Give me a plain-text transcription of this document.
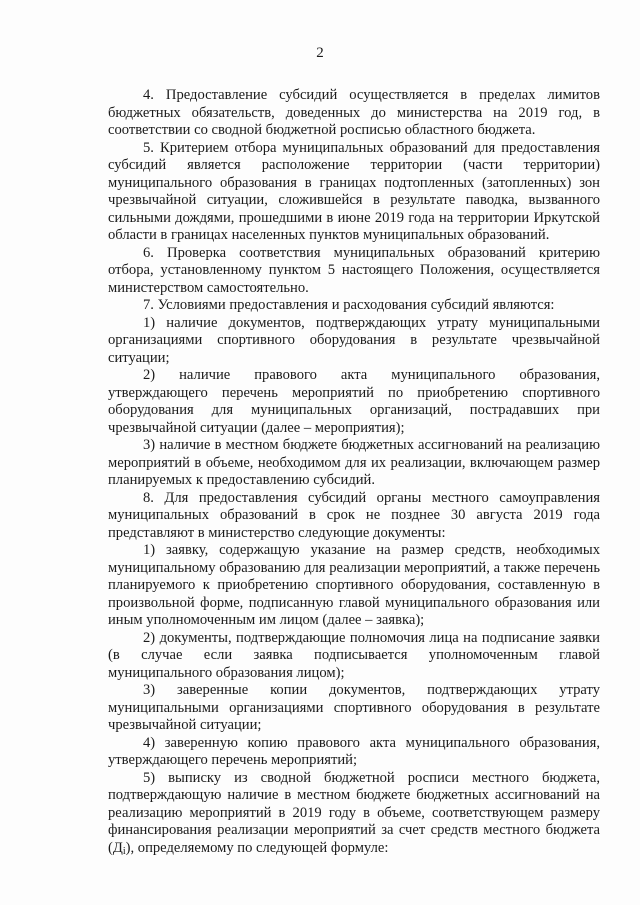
2

4. Предоставление субсидий осуществляется в пределах лимитов бюджетных обязательств, доведенных до министерства на 2019 год, в соответствии со сводной бюджетной росписью областного бюджета.

5. Критерием отбора муниципальных образований для предоставления субсидий является расположение территории (части территории) муниципального образования в границах подтопленных (затопленных) зон чрезвычайной ситуации, сложившейся в результате паводка, вызванного сильными дождями, прошедшими в июне 2019 года на территории Иркутской области в границах населенных пунктов муниципальных образований.

6. Проверка соответствия муниципальных образований критерию отбора, установленному пунктом 5 настоящего Положения, осуществляется министерством самостоятельно.

7. Условиями предоставления и расходования субсидий являются:

1) наличие документов, подтверждающих утрату муниципальными организациями спортивного оборудования в результате чрезвычайной ситуации;

2) наличие правового акта муниципального образования, утверждающего перечень мероприятий по приобретению спортивного оборудования для муниципальных организаций, пострадавших при чрезвычайной ситуации (далее – мероприятия);

3) наличие в местном бюджете бюджетных ассигнований на реализацию мероприятий в объеме, необходимом для их реализации, включающем размер планируемых к предоставлению субсидий.

8. Для предоставления субсидий органы местного самоуправления муниципальных образований в срок не позднее 30 августа 2019 года представляют в министерство следующие документы:

1) заявку, содержащую указание на размер средств, необходимых муниципальному образованию для реализации мероприятий, а также перечень планируемого к приобретению спортивного оборудования, составленную в произвольной форме, подписанную главой муниципального образования или иным уполномоченным им лицом (далее – заявка);

2) документы, подтверждающие полномочия лица на подписание заявки (в случае если заявка подписывается уполномоченным главой муниципального образования лицом);

3) заверенные копии документов, подтверждающих утрату муниципальными организациями спортивного оборудования в результате чрезвычайной ситуации;

4) заверенную копию правового акта муниципального образования, утверждающего перечень мероприятий;

5) выписку из сводной бюджетной росписи местного бюджета, подтверждающую наличие в местном бюджете бюджетных ассигнований на реализацию мероприятий в 2019 году в объеме, соответствующем размеру финансирования реализации мероприятий за счет средств местного бюджета $(Д_i)$, определяемому по следующей формуле:
